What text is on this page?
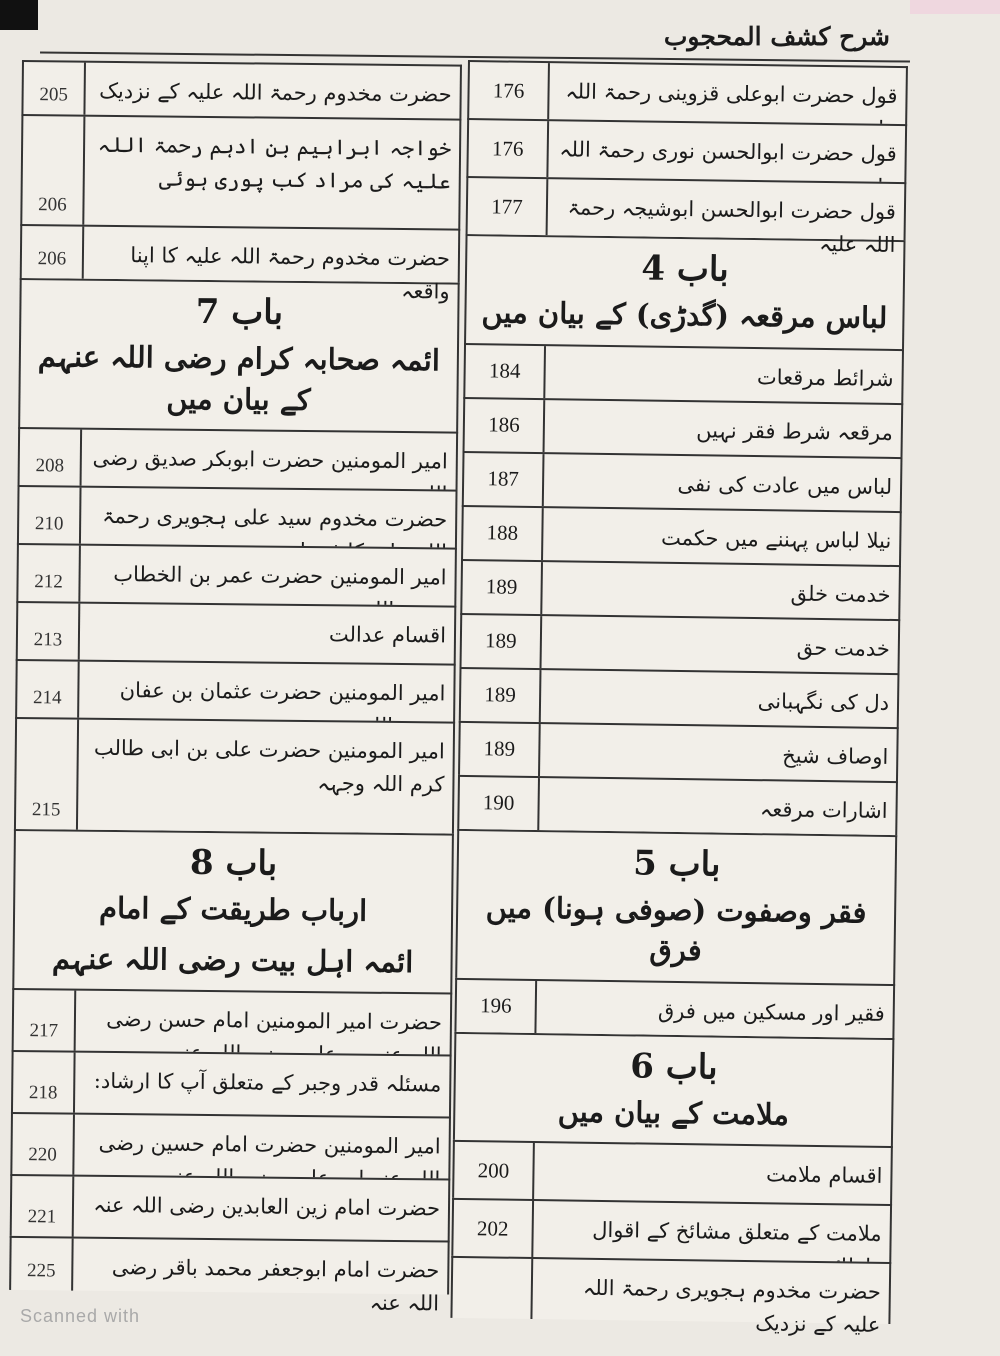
شرح کشف المحجوب
قول حضرت ابوعلی قزوینی رحمۃ اللہ
176
قول حضرت ابوالحسن نوری رحمۃ اللہ
176
قول حضرت ابوالحسن ابوشیجہ رحمۃ اللہ علیہ
177
باب 4
لباس مرقعہ (گدڑی) کے بیان میں
شرائط مرقعات
184
مرقعہ شرط فقر نہیں
186
لباس میں عادت کی نفی
187
نیلا لباس پہننے میں حکمت
188
خدمت خلق
189
خدمت حق
189
دل کی نگہبانی
189
اوصاف شیخ
189
اشارات مرقعہ
190
باب 5
فقر وصفوت (صوفی ہونا) میں فرق
فقیر اور مسکین میں فرق
196
باب 6
ملامت کے بیان میں
اقسام ملامت
200
ملامت کے متعلق مشائخ کے اقوال
202
حضرت مخدوم ہجویری رحمۃ اللہ علیہ کے نزدیک
حضرت مخدوم رحمۃ اللہ علیہ کے نزدیک
205
خواجہ ابراہیم بن ادہم رحمۃ اللہ علیہ کی مراد کب پوری ہوئی
206
حضرت مخدوم رحمۃ اللہ علیہ کا اپنا واقعہ
206
باب 7
ائمہ صحابہ کرام رضی اللہ عنہم کے بیان میں
امیر المومنین حضرت ابوبکر صدیق رضی
208
حضرت مخدوم سید علی ہجویری رحمۃ
210
امیر المومنین حضرت عمر بن الخطاب
212
اقسام عدالت
213
امیر المومنین حضرت عثمان بن عفان
214
امیر المومنین حضرت علی بن ابی طالب کرم اللہ وجہہ
215
باب 8
ارباب طریقت کے امام
ائمہ اہل بیت رضی اللہ عنہم
حضرت امیر المومنین امام حسن رضی
217
مسئلہ قدر وجبر کے متعلق آپ کا ارشاد:
218
امیر المومنین حضرت امام حسین رضی
220
حضرت امام زین العابدین رضی اللہ عنہ
221
حضرت امام ابوجعفر محمد باقر رضی اللہ عنہ
225
Scanned with
